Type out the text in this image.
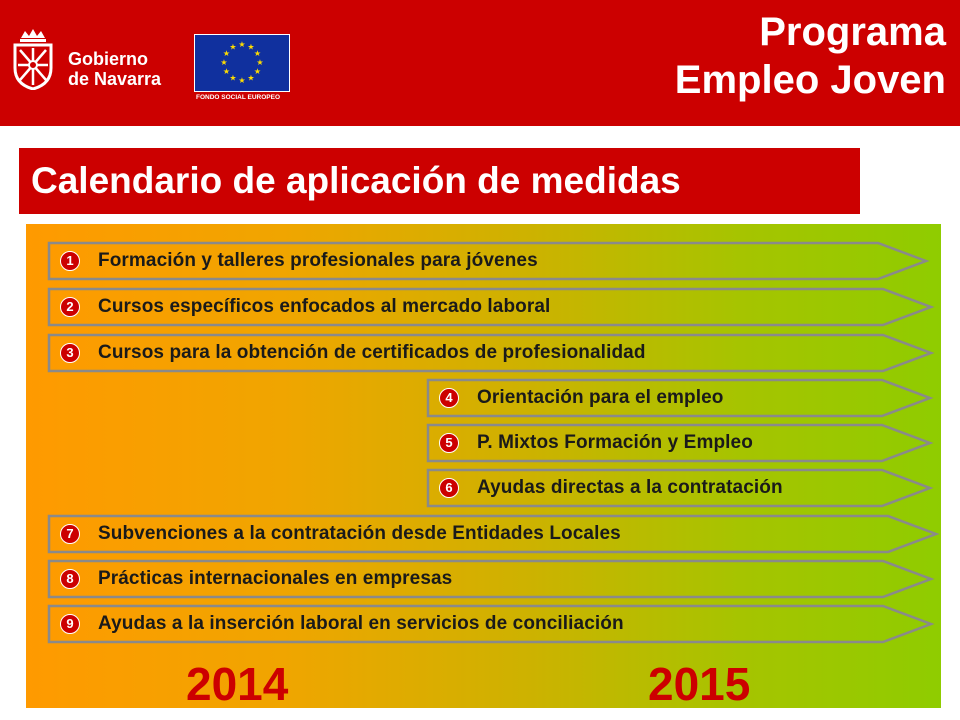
Gobierno
de Navarra
★ ★
★
★
★
★
★
★
★
★
★
★
FONDO SOCIAL EUROPEO
Programa
Empleo Joven
Calendario de aplicación de medidas
1	Formación y talleres profesionales para jóvenes
2	Cursos específicos enfocados al mercado laboral
3	Cursos para la obtención de certificados de profesionalidad
4	Orientación para el empleo
5	P. Mixtos Formación y Empleo
6	Ayudas directas a la contratación
7	Subvenciones a la contratación desde Entidades Locales
8	Prácticas internacionales en empresas
9	Ayudas a la inserción laboral en servicios de conciliación
2014	2015
